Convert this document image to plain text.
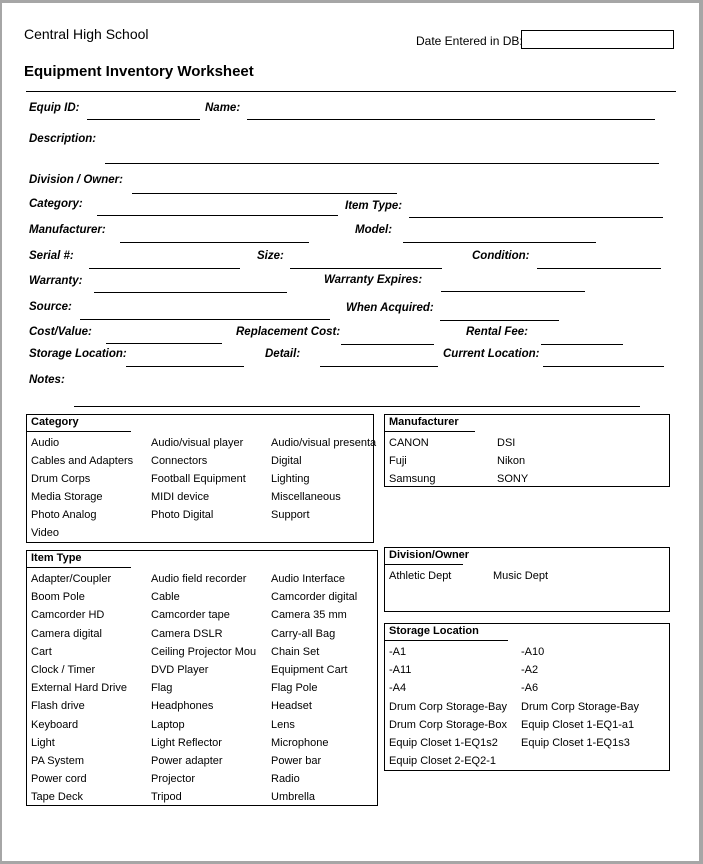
Central High School
Equipment Inventory Worksheet
Date Entered in DB:
Equip ID:	Name:
Description:
Division / Owner:
Category:	Item Type:
Manufacturer:	Model:
Serial #:	Size:	Condition:
Warranty:	Warranty Expires:
Source:	When Acquired:
Cost/Value:	Replacement Cost:	Rental Fee:
Storage Location:	Detail:	Current Location:
Notes:
Category
Audio	Audio/visual player	Audio/visual presenta
Cables and Adapters	Connectors	Digital
Drum Corps	Football Equipment	Lighting
Media Storage	MIDI device	Miscellaneous
Photo Analog	Photo Digital	Support
Video
Manufacturer
CANON	DSI
Fuji	Nikon
Samsung	SONY
Item Type
Adapter/Coupler	Audio field recorder	Audio Interface
Boom Pole	Cable	Camcorder digital
Camcorder HD	Camcorder tape	Camera 35 mm
Camera digital	Camera DSLR	Carry-all Bag
Cart	Ceiling Projector Mou	Chain Set
Clock / Timer	DVD Player	Equipment Cart
External Hard Drive	Flag	Flag Pole
Flash drive	Headphones	Headset
Keyboard	Laptop	Lens
Light	Light Reflector	Microphone
PA System	Power adapter	Power bar
Power cord	Projector	Radio
Tape Deck	Tripod	Umbrella
Division/Owner
Athletic Dept	Music Dept
Storage Location
-A1	-A10
-A11	-A2
-A4	-A6
Drum Corp Storage-Bay	Drum Corp Storage-Bay
Drum Corp Storage-Box	Equip Closet 1-EQ1-a1
Equip Closet 1-EQ1s2	Equip Closet 1-EQ1s3
Equip Closet 2-EQ2-1
